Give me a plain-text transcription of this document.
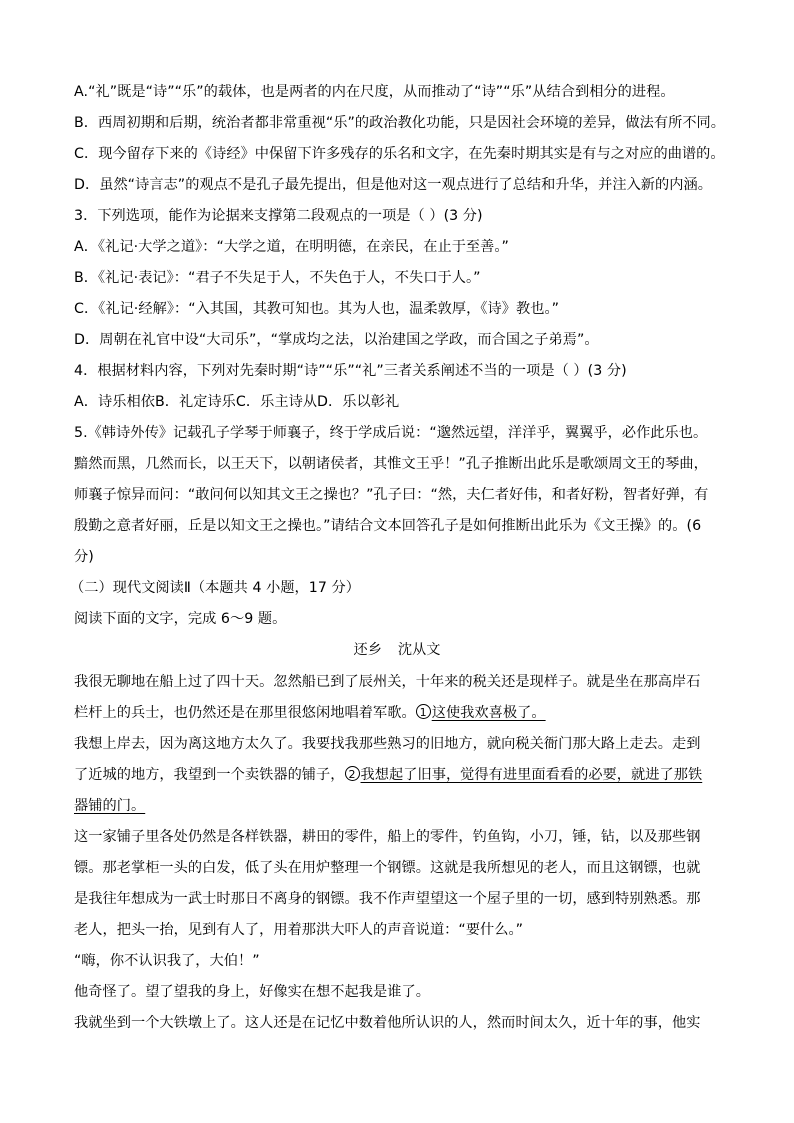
A.“礼”既是“诗”“乐”的载体，也是两者的内在尺度，从而推动了“诗”“乐”从结合到相分的进程。
B．西周初期和后期，统治者都非常重视“乐”的政治教化功能，只是因社会环境的差异，做法有所不同。
C．现今留存下来的《诗经》中保留下许多残存的乐名和文字，在先秦时期其实是有与之对应的曲谱的。
D．虽然“诗言志”的观点不是孔子最先提出，但是他对这一观点进行了总结和升华，并注入新的内涵。
3．下列选项，能作为论据来支撑第二段观点的一项是（ ）(3 分)
A．《礼记·大学之道》：“大学之道，在明明德，在亲民，在止于至善。”
B．《礼记·表记》：“君子不失足于人，不失色于人，不失口于人。”
C．《礼记·经解》：“入其国，其教可知也。其为人也，温柔敦厚，《诗》教也。”
D．周朝在礼官中设“大司乐”，“掌成均之法，以治建国之学政，而合国之子弟焉”。
4．根据材料内容，下列对先秦时期“诗”“乐”“礼”三者关系阐述不当的一项是（ ）(3 分)
A．诗乐相依B．礼定诗乐C．乐主诗从D．乐以彰礼
5.《韩诗外传》记载孔子学琴于师襄子，终于学成后说：“邈然远望，洋洋乎，翼翼乎，必作此乐也。
黯然而黑，几然而长，以王天下，以朝诸侯者，其惟文王乎！”孔子推断出此乐是歌颂周文王的琴曲，
师襄子惊异而问：“敢问何以知其文王之操也？”孔子曰：“然，夫仁者好伟，和者好粉，智者好弹，有
殷勤之意者好丽，丘是以知文王之操也。”请结合文本回答孔子是如何推断出此乐为《文王操》的。(6
分)
（二）现代文阅读Ⅱ（本题共 4 小题，17 分）
阅读下面的文字，完成 6～9 题。
还乡 沈从文
我很无聊地在船上过了四十天。忽然船已到了辰州关，十年来的税关还是现样子。就是坐在那高岸石
栏杆上的兵士，也仍然还是在那里很悠闲地唱着军歌。 1 这使我欢喜极了。
我想上岸去，因为离这地方太久了。我要找我那些熟习的旧地方，就向税关衙门那大路上走去。走到
了近城的地方，我望到一个卖铁器的铺子， 2 我想起了旧事，觉得有进里面看看的必要，就进了那铁
器铺的门。
这一家铺子里各处仍然是各样铁器，耕田的零件，船上的零件，钓鱼钩，小刀，锤，钻，以及那些钢
镖。那老掌柜一头的白发，低了头在用炉整理一个钢镖。这就是我所想见的老人，而且这钢镖，也就
是我往年想成为一武士时那日不离身的钢镖。我不作声望望这一个屋子里的一切，感到特别熟悉。那
老人，把头一抬，见到有人了，用着那洪大吓人的声音说道：“要什么。”
“嗨，你不认识我了，大伯！”
他奇怪了。望了望我的身上，好像实在想不起我是谁了。
我就坐到一个大铁墩上了。这人还是在记忆中数着他所认识的人，然而时间太久，近十年的事，他实
